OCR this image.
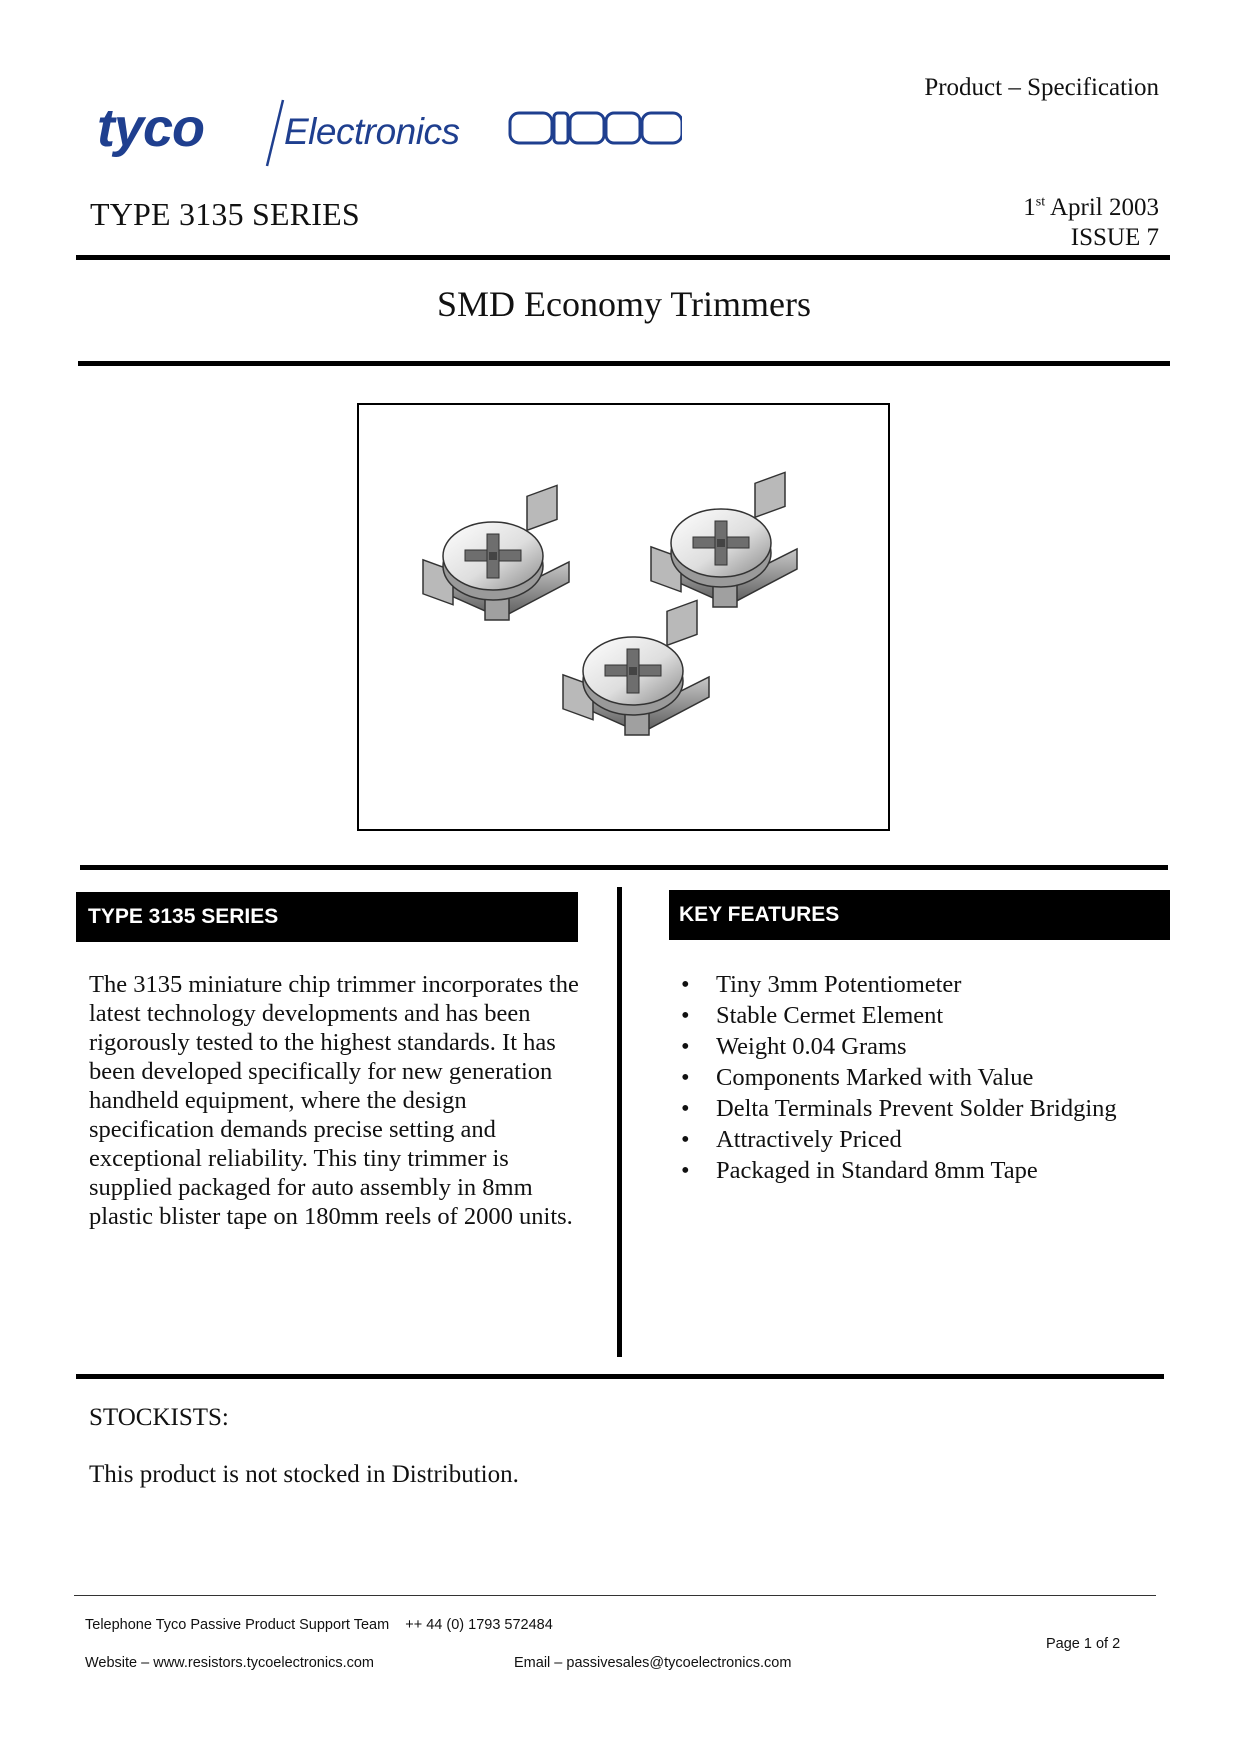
Product – Specification
tyco Electronics
TYPE 3135 SERIES	1st April 2003
ISSUE 7
SMD Economy Trimmers
TYPE 3135 SERIES
The 3135 miniature chip trimmer incorporates the latest technology developments and has been rigorously tested to the highest standards. It has been developed specifically for new generation handheld equipment, where the design specification demands precise setting and exceptional reliability. This tiny trimmer is supplied packaged for auto assembly in 8mm plastic blister tape on 180mm reels of 2000 units.
KEY FEATURES
• Tiny 3mm Potentiometer
• Stable Cermet Element
• Weight 0.04 Grams
• Components Marked with Value
• Delta Terminals Prevent Solder Bridging
• Attractively Priced
• Packaged in Standard 8mm Tape
STOCKISTS:
This product is not stocked in Distribution.
Telephone Tyco Passive Product Support Team    ++ 44 (0) 1793 572484
Page 1 of 2
Website – www.resistors.tycoelectronics.com	Email – passivesales@tycoelectronics.com
